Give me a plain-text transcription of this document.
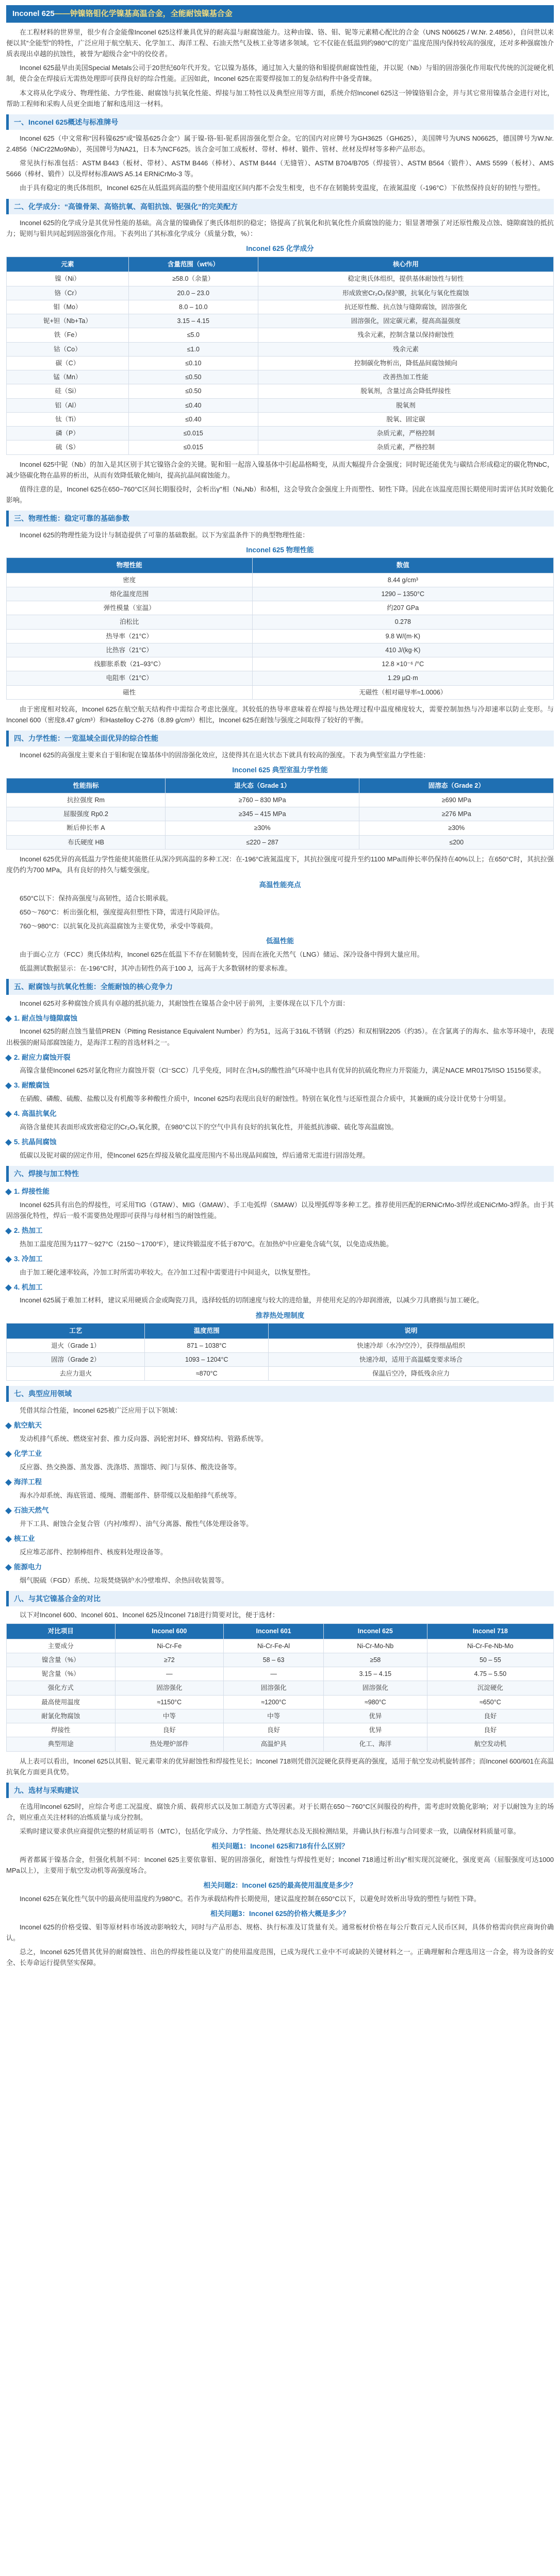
Inconel 625——钟镍铬钼化学镍基高温合金，全能耐蚀镍基合金

在工程材料的世界里，很少有合金能像Inconel 625这样兼具优异的耐高温与耐腐蚀能力。这种由镍、铬、钼、铌等元素精心配比的合金（UNS N06625 / W.Nr. 2.4856），自问世以来便以其“全能型”的特性，广泛应用于航空航天、化学加工、海洋工程、石油天然气及核工业等诸多领域。它不仅能在低温到约980°C的宽广温度范围内保持较高的强度，还对多种强腐蚀介质表现出卓越的抗蚀性，被誉为“超级合金”中的佼佼者。

Inconel 625最早由美国Special Metals公司于20世纪60年代开发。它以镍为基体，通过加入大量的铬和钼提供耐腐蚀性能，并以铌（Nb）与钼的固溶强化作用取代传统的沉淀硬化机制，使合金在焊接后无需热处理即可获得良好的综合性能。正因如此，Inconel 625在需要焊接加工的复杂结构件中备受青睐。

本文将从化学成分、物理性能、力学性能、耐腐蚀与抗氧化性能、焊接与加工特性以及典型应用等方面，系统介绍Inconel 625这一钟镍铬钼合金，并与其它常用镍基合金进行对比，帮助工程师和采购人员更全面地了解和选用这一材料。

一、Inconel 625概述与标准牌号

Inconel 625（中文常称“因科镍625”或“镍基625合金”）属于镍-铬-钼-铌系固溶强化型合金。它的国内对应牌号为GH3625（GH625），美国牌号为UNS N06625，德国牌号为W.Nr. 2.4856（NiCr22Mo9Nb），英国牌号为NA21，日本为NCF625。该合金可加工成板材、带材、棒材、锻件、管材、丝材及焊材等多种产品形态。

常见执行标准包括：ASTM B443（板材、带材）、ASTM B446（棒材）、ASTM B444（无缝管）、ASTM B704/B705（焊接管）、ASTM B564（锻件）、AMS 5599（板材）、AMS 5666（棒材、锻件）以及焊材标准AWS A5.14 ERNiCrMo-3 等。

由于具有稳定的奥氏体组织，Inconel 625在从低温到高温的整个使用温度区间内都不会发生相变，也不存在韧脆转变温度，在液氮温度（-196°C）下依然保持良好的韧性与塑性。

二、化学成分：“高镍骨架、高铬抗氧、高钼抗蚀、铌强化”的完美配方

Inconel 625的化学成分是其优异性能的基础。高含量的镍确保了奥氏体组织的稳定；铬提高了抗氧化和抗氧化性介质腐蚀的能力；钼显著增强了对还原性酸及点蚀、缝隙腐蚀的抵抗力；铌则与钼共同起到固溶强化作用。下表列出了其标准化学成分（质量分数，%）：

Inconel 625 化学成分
元素	含量范围（wt%）	核心作用
镍（Ni）	≥58.0（余量）	稳定奥氏体组织，提供基体耐蚀性与韧性
铬（Cr）	20.0 – 23.0	形成致密Cr₂O₃保护膜，抗氧化与氧化性腐蚀
钼（Mo）	8.0 – 10.0	抗还原性酸、抗点蚀与缝隙腐蚀，固溶强化
铌+钽（Nb+Ta）	3.15 – 4.15	固溶强化，固定碳元素，提高高温强度
铁（Fe）	≤5.0	残余元素，控制含量以保持耐蚀性
钴（Co）	≤1.0	残余元素
碳（C）	≤0.10	控制碳化物析出，降低晶间腐蚀倾向
锰（Mn）	≤0.50	改善热加工性能
硅（Si）	≤0.50	脱氧剂，含量过高会降低焊接性
铝（Al）	≤0.40	脱氧剂
钛（Ti）	≤0.40	脱氧、固定碳
磷（P）	≤0.015	杂质元素，严格控制
硫（S）	≤0.015	杂质元素，严格控制

Inconel 625中铌（Nb）的加入是其区别于其它镍铬合金的关键。铌和钼一起溶入镍基体中引起晶格畸变，从而大幅提升合金强度；同时铌还能优先与碳结合形成稳定的碳化物NbC，减少铬碳化物在晶界的析出，从而有效降低敏化倾向，提高抗晶间腐蚀能力。

值得注意的是，Inconel 625在650~760°C区间长期服役时，会析出γ''相（Ni₃Nb）和δ相，这会导致合金强度上升而塑性、韧性下降。因此在该温度范围长期使用时需评估其时效脆化影响。

三、物理性能：稳定可靠的基础参数

Inconel 625的物理性能为设计与制造提供了可靠的基础数据。以下为室温条件下的典型物理性能：

Inconel 625 物理性能
物理性能	数值
密度	8.44 g/cm³
熔化温度范围	1290 – 1350°C
弹性模量（室温）	约207 GPa
泊松比	0.278
热导率（21°C）	9.8 W/(m·K)
比热容（21°C）	410 J/(kg·K)
线膨胀系数（21–93°C）	12.8 ×10⁻⁶ /°C
电阻率（21°C）	1.29 μΩ·m
磁性	无磁性（相对磁导率≈1.0006）

由于密度相对较高，Inconel 625在航空航天结构件中需综合考虑比强度。其较低的热导率意味着在焊接与热处理过程中温度梯度较大，需要控制加热与冷却速率以防止变形。与Inconel 600（密度8.47 g/cm³）和Hastelloy C-276（8.89 g/cm³）相比，Inconel 625在耐蚀与强度之间取得了较好的平衡。

四、力学性能：一览温域全面优异的综合性能

Inconel 625的高强度主要来自于钼和铌在镍基体中的固溶强化效应，这使得其在退火状态下就具有较高的强度。下表为典型室温力学性能：

Inconel 625 典型室温力学性能
性能指标	退火态（Grade 1）	固溶态（Grade 2）
抗拉强度 Rm	≥760 – 830 MPa	≥690 MPa
屈服强度 Rp0.2	≥345 – 415 MPa	≥276 MPa
断后伸长率 A	≥30%	≥30%
布氏硬度 HB	≤220 – 287	≤200

Inconel 625优异的高低温力学性能使其能胜任从深冷到高温的多种工况：在-196°C液氮温度下，其抗拉强度可提升至约1100 MPa而伸长率仍保持在40%以上；在650°C时，其抗拉强度仍约为700 MPa，具有良好的持久与蠕变强度。

高温性能亮点

650°C以下：保持高强度与高韧性，适合长期承载。

650～760°C：析出强化相，强度提高但塑性下降，需进行风险评估。

760～980°C：以抗氧化及抗高温腐蚀为主要优势，承受中等载荷。

低温性能

由于面心立方（FCC）奥氏体结构，Inconel 625在低温下不存在韧脆转变，因而在液化天然气（LNG）储运、深冷设备中得到大量应用。

低温测试数据显示：在-196°C时，其冲击韧性仍高于100 J，远高于大多数钢材的要求标准。

五、耐腐蚀与抗氧化性能：全能耐蚀的核心竞争力

Inconel 625对多种腐蚀介质具有卓越的抵抗能力，其耐蚀性在镍基合金中居于前列，主要体现在以下几个方面：

1. 耐点蚀与缝隙腐蚀

Inconel 625的耐点蚀当量值PREN（Pitting Resistance Equivalent Number）约为51，远高于316L不锈钢（约25）和双相钢2205（约35）。在含氯离子的海水、盐水等环境中，表现出极强的耐局部腐蚀能力，是海洋工程的首选材料之一。

2. 耐应力腐蚀开裂

高镍含量使Inconel 625对氯化物应力腐蚀开裂（Cl⁻SCC）几乎免疫，同时在含H₂S的酸性油气环境中也具有优异的抗硫化物应力开裂能力，满足NACE MR0175/ISO 15156要求。

3. 耐酸腐蚀

在硝酸、磷酸、硫酸、盐酸以及有机酸等多种酸性介质中，Inconel 625均表现出良好的耐蚀性。特别在氧化性与还原性混合介质中，其兼顾的成分设计优势十分明显。

4. 高温抗氧化

高铬含量使其表面形成致密稳定的Cr₂O₃氧化膜，在980°C以下的空气中具有良好的抗氧化性，并能抵抗渗碳、硫化等高温腐蚀。

5. 抗晶间腐蚀

低碳以及铌对碳的固定作用，使Inconel 625在焊接及敏化温度范围内不易出现晶间腐蚀，焊后通常无需进行固溶处理。

六、焊接与加工特性
1. 焊接性能

Inconel 625具有出色的焊接性，可采用TIG（GTAW）、MIG（GMAW）、手工电弧焊（SMAW）以及埋弧焊等多种工艺。推荐使用匹配的ERNiCrMo-3焊丝或ENiCrMo-3焊条。由于其固溶强化特性，焊后一般不需要热处理即可获得与母材相当的耐蚀性能。

2. 热加工

热加工温度范围为1177～927°C（2150～1700°F），建议终锻温度不低于870°C。在加热炉中应避免含硫气氛，以免造成热脆。

3. 冷加工

由于加工硬化速率较高，冷加工时所需功率较大。在冷加工过程中需要进行中间退火，以恢复塑性。

4. 机加工

Inconel 625属于难加工材料，建议采用硬质合金或陶瓷刀具，选择较低的切削速度与较大的进给量，并使用充足的冷却润滑液，以减少刀具磨损与加工硬化。

推荐热处理制度
工艺	温度范围	说明
退火（Grade 1）	871 – 1038°C	快速冷却（水冷/空冷），获得细晶组织
固溶（Grade 2）	1093 – 1204°C	快速冷却，适用于高温蠕变要求场合
去应力退火	≈870°C	保温后空冷，降低残余应力
七、典型应用领域

凭借其综合性能，Inconel 625被广泛应用于以下领域：

航空航天

发动机排气系统、燃烧室衬套、推力反向器、涡轮密封环、蜂窝结构、管路系统等。

化学工业

反应器、热交换器、蒸发器、洗涤塔、蒸馏塔、阀门与泵体、酸洗设备等。

海洋工程

海水冷却系统、海底管道、缆绳、潜艇部件、脐带缆以及船舶排气系统等。

石油天然气

井下工具、耐蚀合金复合管（内衬/堆焊）、油气分离器、酸性气体处理设备等。

核工业

反应堆芯部件、控制棒组件、核废料处理设备等。

能源电力

烟气脱硫（FGD）系统、垃圾焚烧锅炉水冷壁堆焊、余热回收装置等。

八、与其它镍基合金的对比

以下对Inconel 600、Inconel 601、Inconel 625及Inconel 718进行简要对比，便于选材：

对比项目	Inconel 600	Inconel 601	Inconel 625	Inconel 718
主要成分	Ni-Cr-Fe	Ni-Cr-Fe-Al	Ni-Cr-Mo-Nb	Ni-Cr-Fe-Nb-Mo
镍含量（%）	≥72	58 – 63	≥58	50 – 55
铌含量（%）	—	—	3.15 – 4.15	4.75 – 5.50
强化方式	固溶强化	固溶强化	固溶强化	沉淀硬化
最高使用温度	≈1150°C	≈1200°C	≈980°C	≈650°C
耐氯化物腐蚀	中等	中等	优异	良好
焊接性	良好	良好	优异	良好
典型用途	热处理炉部件	高温炉具	化工、海洋	航空发动机

从上表可以看出，Inconel 625以其钼、铌元素带来的优异耐蚀性和焊接性见长；Inconel 718则凭借沉淀硬化获得更高的强度，适用于航空发动机旋转部件；而Inconel 600/601在高温抗氧化方面更具优势。

九、选材与采购建议

在选用Inconel 625时，应综合考虑工况温度、腐蚀介质、载荷形式以及加工制造方式等因素。对于长期在650～760°C区间服役的构件，需考虑时效脆化影响；对于以耐蚀为主的场合，则应重点关注材料的冶炼质量与成分控制。

采购时建议要求供应商提供完整的材质证明书（MTC），包括化学成分、力学性能、热处理状态及无损检测结果，并确认执行标准与合同要求一致，以确保材料质量可靠。

相关问题1：Inconel 625和718有什么区别？

两者都属于镍基合金，但强化机制不同：Inconel 625主要依靠钼、铌的固溶强化，耐蚀性与焊接性更好；Inconel 718通过析出γ''相实现沉淀硬化，强度更高（屈服强度可达1000 MPa以上），主要用于航空发动机等高强度场合。

相关问题2：Inconel 625的最高使用温度是多少？

Inconel 625在氧化性气氛中的最高使用温度约为980°C。若作为承载结构件长期使用，建议温度控制在650°C以下，以避免时效析出导致的塑性与韧性下降。

相关问题3：Inconel 625的价格大概是多少？

Inconel 625的价格受镍、钼等原材料市场波动影响较大，同时与产品形态、规格、执行标准及订货量有关。通常板材价格在每公斤数百元人民币区间，具体价格需向供应商询价确认。

总之，Inconel 625凭借其优异的耐腐蚀性、出色的焊接性能以及宽广的使用温度范围，已成为现代工业中不可或缺的关键材料之一。正确理解和合理选用这一合金，将为设备的安全、长寿命运行提供坚实保障。
